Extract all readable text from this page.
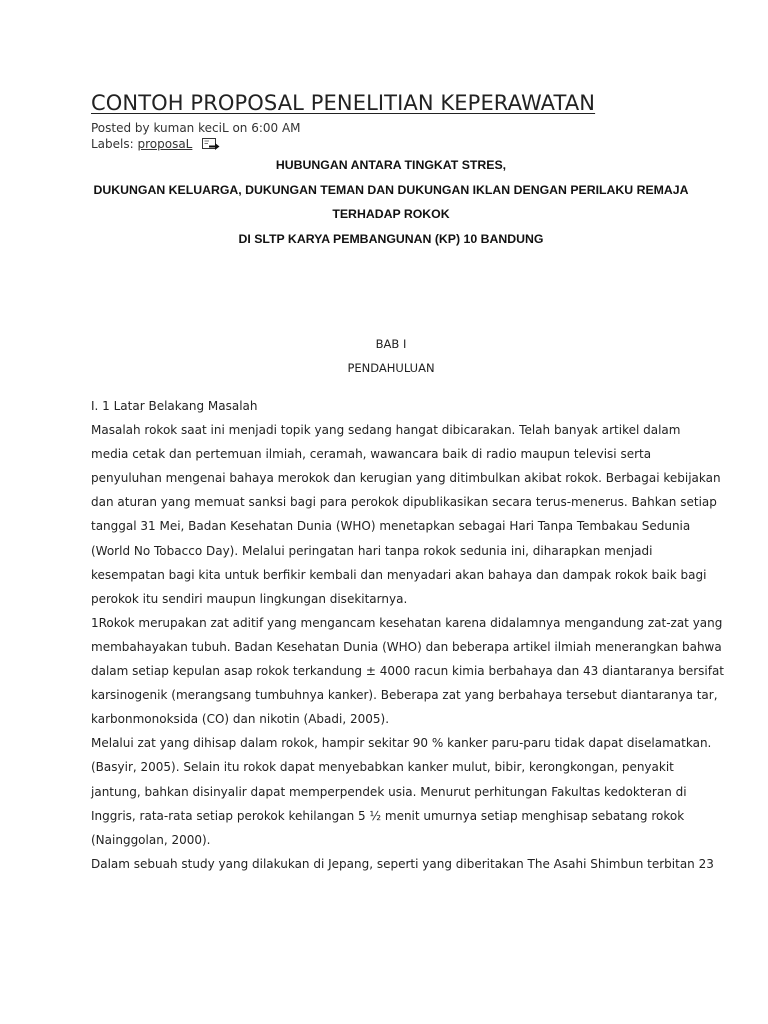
CONTOH PROPOSAL PENELITIAN KEPERAWATAN
Posted by kuman keciL on 6:00 AM
Labels: proposaL
HUBUNGAN ANTARA TINGKAT STRES,
DUKUNGAN KELUARGA, DUKUNGAN TEMAN DAN DUKUNGAN IKLAN DENGAN PERILAKU REMAJA
TERHADAP ROKOK
DI SLTP KARYA PEMBANGUNAN (KP) 10 BANDUNG
BAB I
PENDAHULUAN
I. 1 Latar Belakang Masalah
Masalah rokok saat ini menjadi topik yang sedang hangat dibicarakan. Telah banyak artikel dalam
media cetak dan pertemuan ilmiah, ceramah, wawancara baik di radio maupun televisi serta
penyuluhan mengenai bahaya merokok dan kerugian yang ditimbulkan akibat rokok. Berbagai kebijakan
dan aturan yang memuat sanksi bagi para perokok dipublikasikan secara terus-menerus. Bahkan setiap
tanggal 31 Mei, Badan Kesehatan Dunia (WHO) menetapkan sebagai Hari Tanpa Tembakau Sedunia
(World No Tobacco Day). Melalui peringatan hari tanpa rokok sedunia ini, diharapkan menjadi
kesempatan bagi kita untuk berfikir kembali dan menyadari akan bahaya dan dampak rokok baik bagi
perokok itu sendiri maupun lingkungan disekitarnya.
1Rokok merupakan zat aditif yang mengancam kesehatan karena didalamnya mengandung zat-zat yang
membahayakan tubuh. Badan Kesehatan Dunia (WHO) dan beberapa artikel ilmiah menerangkan bahwa
dalam setiap kepulan asap rokok terkandung ± 4000 racun kimia berbahaya dan 43 diantaranya bersifat
karsinogenik (merangsang tumbuhnya kanker). Beberapa zat yang berbahaya tersebut diantaranya tar,
karbonmonoksida (CO) dan nikotin (Abadi, 2005).
Melalui zat yang dihisap dalam rokok, hampir sekitar 90 % kanker paru-paru tidak dapat diselamatkan.
(Basyir, 2005). Selain itu rokok dapat menyebabkan kanker mulut, bibir, kerongkongan, penyakit
jantung, bahkan disinyalir dapat memperpendek usia. Menurut perhitungan Fakultas kedokteran di
Inggris, rata-rata setiap perokok kehilangan 5 ½ menit umurnya setiap menghisap sebatang rokok
(Nainggolan, 2000).
Dalam sebuah study yang dilakukan di Jepang, seperti yang diberitakan The Asahi Shimbun terbitan 23
